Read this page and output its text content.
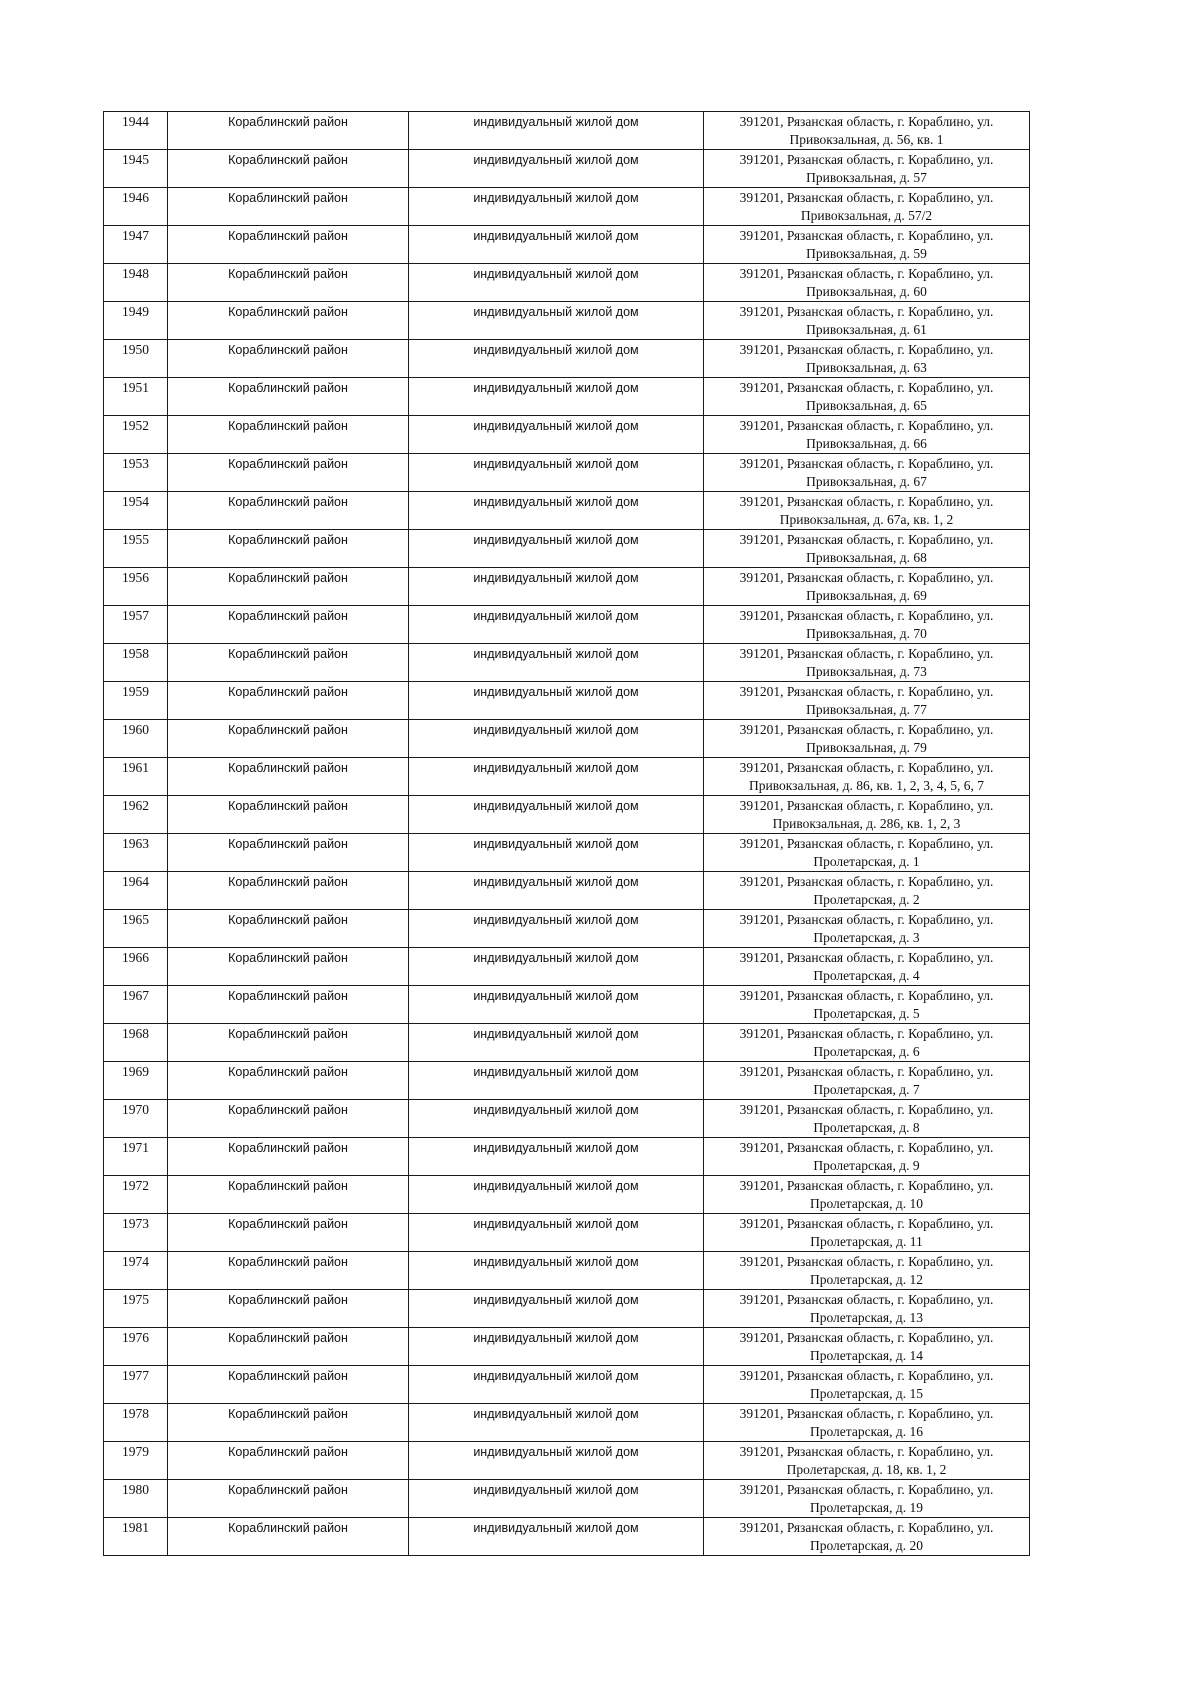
1944	Кораблинский район	индивидуальный жилой дом	391201, Рязанская область, г. Кораблино, ул.
Привокзальная, д. 56, кв. 1

1945	Кораблинский район	индивидуальный жилой дом	391201, Рязанская область, г. Кораблино, ул.
Привокзальная, д. 57

1946	Кораблинский район	индивидуальный жилой дом	391201, Рязанская область, г. Кораблино, ул.
Привокзальная, д. 57/2

1947	Кораблинский район	индивидуальный жилой дом	391201, Рязанская область, г. Кораблино, ул.
Привокзальная, д. 59

1948	Кораблинский район	индивидуальный жилой дом	391201, Рязанская область, г. Кораблино, ул.
Привокзальная, д. 60

1949	Кораблинский район	индивидуальный жилой дом	391201, Рязанская область, г. Кораблино, ул.
Привокзальная, д. 61

1950	Кораблинский район	индивидуальный жилой дом	391201, Рязанская область, г. Кораблино, ул.
Привокзальная, д. 63

1951	Кораблинский район	индивидуальный жилой дом	391201, Рязанская область, г. Кораблино, ул.
Привокзальная, д. 65

1952	Кораблинский район	индивидуальный жилой дом	391201, Рязанская область, г. Кораблино, ул.
Привокзальная, д. 66

1953	Кораблинский район	индивидуальный жилой дом	391201, Рязанская область, г. Кораблино, ул.
Привокзальная, д. 67

1954	Кораблинский район	индивидуальный жилой дом	391201, Рязанская область, г. Кораблино, ул.
Привокзальная, д. 67а, кв. 1, 2

1955	Кораблинский район	индивидуальный жилой дом	391201, Рязанская область, г. Кораблино, ул.
Привокзальная, д. 68

1956	Кораблинский район	индивидуальный жилой дом	391201, Рязанская область, г. Кораблино, ул.
Привокзальная, д. 69

1957	Кораблинский район	индивидуальный жилой дом	391201, Рязанская область, г. Кораблино, ул.
Привокзальная, д. 70

1958	Кораблинский район	индивидуальный жилой дом	391201, Рязанская область, г. Кораблино, ул.
Привокзальная, д. 73

1959	Кораблинский район	индивидуальный жилой дом	391201, Рязанская область, г. Кораблино, ул.
Привокзальная, д. 77

1960	Кораблинский район	индивидуальный жилой дом	391201, Рязанская область, г. Кораблино, ул.
Привокзальная, д. 79

1961	Кораблинский район	индивидуальный жилой дом	391201, Рязанская область, г. Кораблино, ул.
Привокзальная, д. 86, кв. 1, 2, 3, 4, 5, 6, 7

1962	Кораблинский район	индивидуальный жилой дом	391201, Рязанская область, г. Кораблино, ул.
Привокзальная, д. 286, кв. 1, 2, 3

1963	Кораблинский район	индивидуальный жилой дом	391201, Рязанская область, г. Кораблино, ул.
Пролетарская, д. 1

1964	Кораблинский район	индивидуальный жилой дом	391201, Рязанская область, г. Кораблино, ул.
Пролетарская, д. 2

1965	Кораблинский район	индивидуальный жилой дом	391201, Рязанская область, г. Кораблино, ул.
Пролетарская, д. 3

1966	Кораблинский район	индивидуальный жилой дом	391201, Рязанская область, г. Кораблино, ул.
Пролетарская, д. 4

1967	Кораблинский район	индивидуальный жилой дом	391201, Рязанская область, г. Кораблино, ул.
Пролетарская, д. 5

1968	Кораблинский район	индивидуальный жилой дом	391201, Рязанская область, г. Кораблино, ул.
Пролетарская, д. 6

1969	Кораблинский район	индивидуальный жилой дом	391201, Рязанская область, г. Кораблино, ул.
Пролетарская, д. 7

1970	Кораблинский район	индивидуальный жилой дом	391201, Рязанская область, г. Кораблино, ул.
Пролетарская, д. 8

1971	Кораблинский район	индивидуальный жилой дом	391201, Рязанская область, г. Кораблино, ул.
Пролетарская, д. 9

1972	Кораблинский район	индивидуальный жилой дом	391201, Рязанская область, г. Кораблино, ул.
Пролетарская, д. 10

1973	Кораблинский район	индивидуальный жилой дом	391201, Рязанская область, г. Кораблино, ул.
Пролетарская, д. 11

1974	Кораблинский район	индивидуальный жилой дом	391201, Рязанская область, г. Кораблино, ул.
Пролетарская, д. 12

1975	Кораблинский район	индивидуальный жилой дом	391201, Рязанская область, г. Кораблино, ул.
Пролетарская, д. 13

1976	Кораблинский район	индивидуальный жилой дом	391201, Рязанская область, г. Кораблино, ул.
Пролетарская, д. 14

1977	Кораблинский район	индивидуальный жилой дом	391201, Рязанская область, г. Кораблино, ул.
Пролетарская, д. 15

1978	Кораблинский район	индивидуальный жилой дом	391201, Рязанская область, г. Кораблино, ул.
Пролетарская, д. 16

1979	Кораблинский район	индивидуальный жилой дом	391201, Рязанская область, г. Кораблино, ул.
Пролетарская, д. 18, кв. 1, 2

1980	Кораблинский район	индивидуальный жилой дом	391201, Рязанская область, г. Кораблино, ул.
Пролетарская, д. 19

1981	Кораблинский район	индивидуальный жилой дом	391201, Рязанская область, г. Кораблино, ул.
Пролетарская, д. 20
